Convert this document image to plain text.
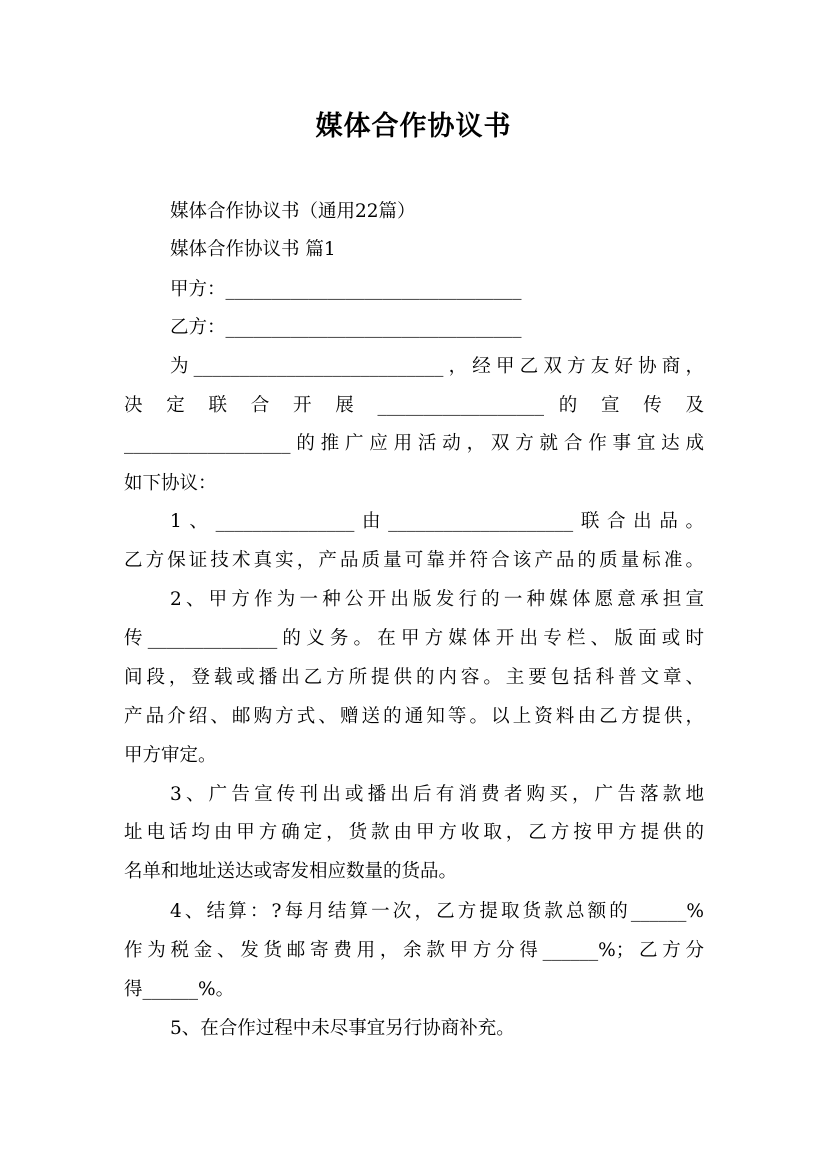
媒体合作协议书
媒体合作协议书（通用22篇）
媒体合作协议书 篇1
甲方：________________________________
乙方：________________________________
为___________________________，经甲乙双方友好协商，
决 定 联 合 开 展 __________________ 的 宣 传 及
__________________的推广应用活动，双方就合作事宜达成
如下协议：
1、_______________由____________________联合出品。
乙方保证技术真实，产品质量可靠并符合该产品的质量标准。
2、甲方作为一种公开出版发行的一种媒体愿意承担宣
传______________的义务。在甲方媒体开出专栏、版面或时
间段，登载或播出乙方所提供的内容。主要包括科普文章、
产品介绍、邮购方式、赠送的通知等。以上资料由乙方提供，
甲方审定。
3、广告宣传刊出或播出后有消费者购买，广告落款地
址电话均由甲方确定，货款由甲方收取，乙方按甲方提供的
名单和地址送达或寄发相应数量的货品。
4、结算：?每月结算一次，乙方提取货款总额的______%
作为税金、发货邮寄费用，余款甲方分得______%；乙方分
得______%。
5、在合作过程中未尽事宜另行协商补充。
